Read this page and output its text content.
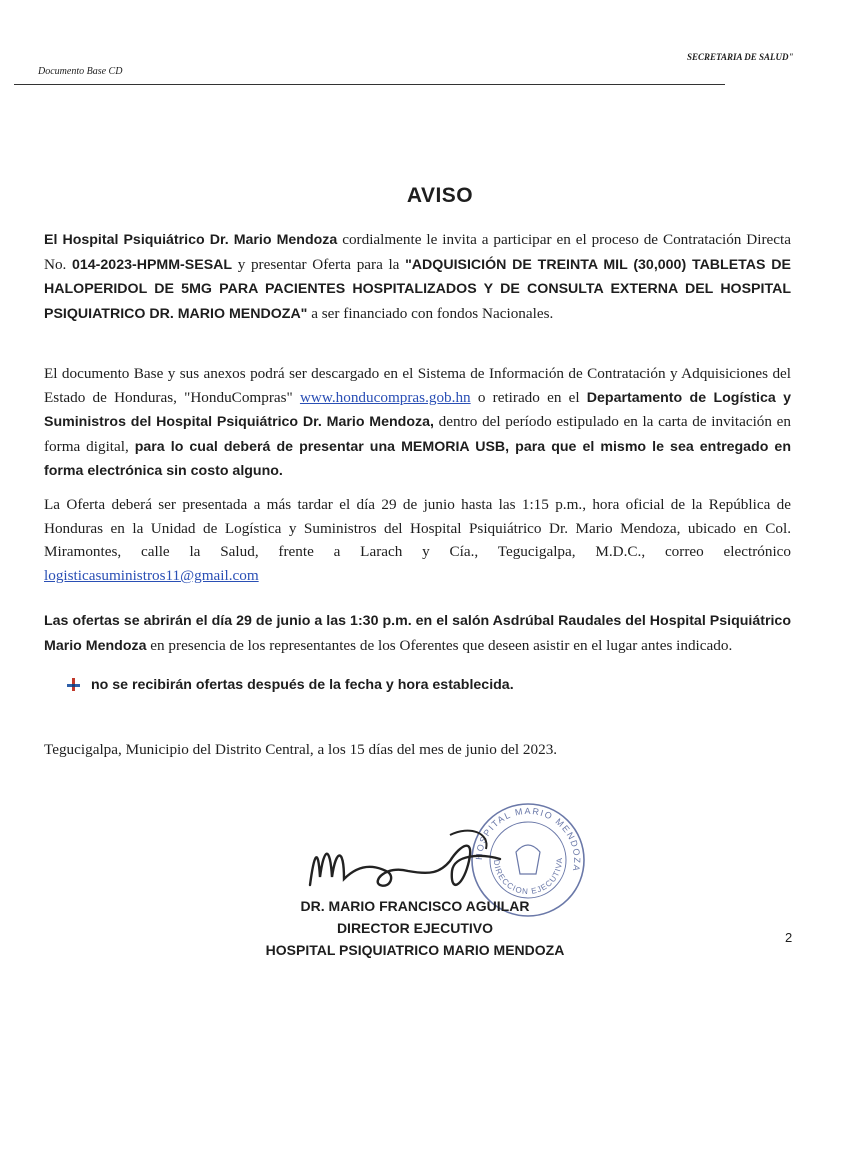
Documento Base CD
SECRETARIA DE SALUD"
AVISO
El Hospital Psiquiátrico Dr. Mario Mendoza cordialmente le invita a participar en el proceso de Contratación Directa No. 014-2023-HPMM-SESAL y presentar Oferta para la "ADQUISICIÓN DE TREINTA MIL (30,000) TABLETAS DE HALOPERIDOL DE 5MG PARA PACIENTES HOSPITALIZADOS Y DE CONSULTA EXTERNA DEL HOSPITAL PSIQUIATRICO DR. MARIO MENDOZA" a ser financiado con fondos Nacionales.
El documento Base y sus anexos podrá ser descargado en el Sistema de Información de Contratación y Adquisiciones del Estado de Honduras, "HonduCompras" www.honducompras.gob.hn o retirado en el Departamento de Logística y Suministros del Hospital Psiquiátrico Dr. Mario Mendoza, dentro del período estipulado en la carta de invitación en forma digital, para lo cual deberá de presentar una MEMORIA USB, para que el mismo le sea entregado en forma electrónica sin costo alguno.
La Oferta deberá ser presentada a más tardar el día 29 de junio hasta las 1:15 p.m., hora oficial de la República de Honduras en la Unidad de Logística y Suministros del Hospital Psiquiátrico Dr. Mario Mendoza, ubicado en Col. Miramontes, calle la Salud, frente a Larach y Cía., Tegucigalpa, M.D.C., correo electrónico logisticasuministros11@gmail.com
Las ofertas se abrirán el día 29 de junio a las 1:30 p.m. en el salón Asdrúbal Raudales del Hospital Psiquiátrico Mario Mendoza en presencia de los representantes de los Oferentes que deseen asistir en el lugar antes indicado.
no se recibirán ofertas después de la fecha y hora establecida.
Tegucigalpa, Municipio del Distrito Central, a los 15 días del mes de junio del 2023.
HOSPITAL MARIO MENDOZA
DIRECCION EJECUTIVA
DR. MARIO FRANCISCO AGUILAR
DIRECTOR EJECUTIVO
HOSPITAL PSIQUIATRICO MARIO MENDOZA
2
